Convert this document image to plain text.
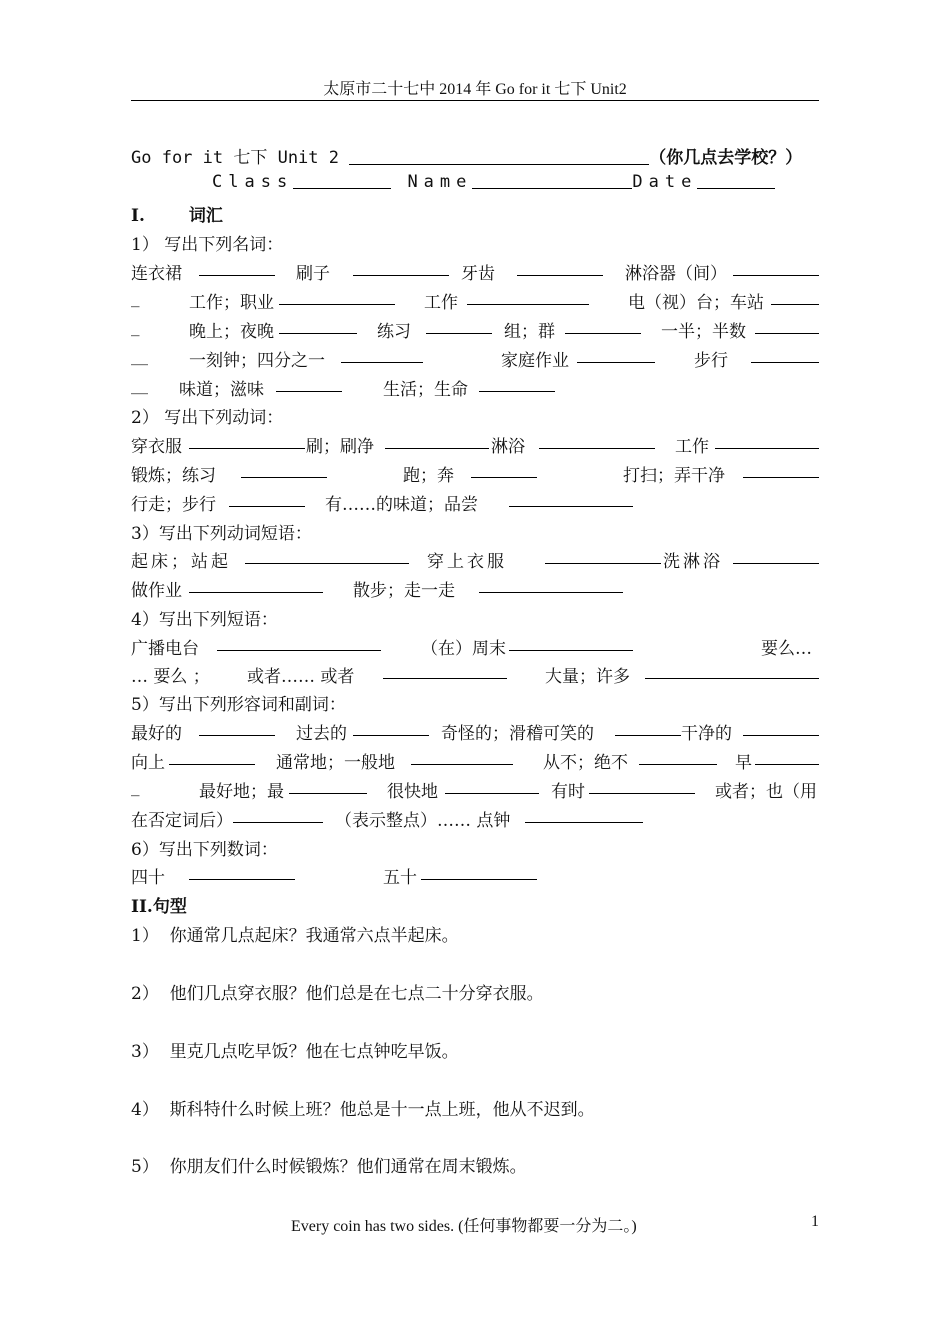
太原市二十七中 2014 年 Go for it 七下 Unit2
Go for it 七下 Unit 2	（你几点去学校？）
Class	Name	Date
I.	词汇
1） 写出下列名词：
连衣裙	刷子	牙齿	淋浴器（间）
_	工作；职业	工作	电（视）台；车站
_	晚上；夜晚	练习	组；群	一半；半数
__ 一刻钟；四分之一	家庭作业	步行
__ 味道；滋味	生活；生命
2） 写出下列动词：
穿衣服	刷；刷净	淋浴	工作
锻炼；练习	跑；奔	打扫；弄干净
行走；步行	有……的味道；品尝
3）写出下列动词短语：
起床；站起	穿上衣服	洗淋浴
做作业	散步；走一走
4）写出下列短语：
广播电台	（在）周末	要么…
… 要么 ； 或者…… 或者	大量；许多
5）写出下列形容词和副词：
最好的	过去的	奇怪的；滑稽可笑的	干净的
向上	通常地；一般地	从不；绝不	早
_	最好地；最	很快地	有时	或者；也（用
在否定词后）	（表示整点）…… 点钟
6）写出下列数词：
四十	五十
II.句型
1）  你通常几点起床？我通常六点半起床。
2）  他们几点穿衣服？他们总是在七点二十分穿衣服。
3）  里克几点吃早饭？他在七点钟吃早饭。
4）  斯科特什么时候上班？他总是十一点上班，他从不迟到。
5）  你朋友们什么时候锻炼？他们通常在周末锻炼。
Every coin has two sides. (任何事物都要一分为二。)	1
